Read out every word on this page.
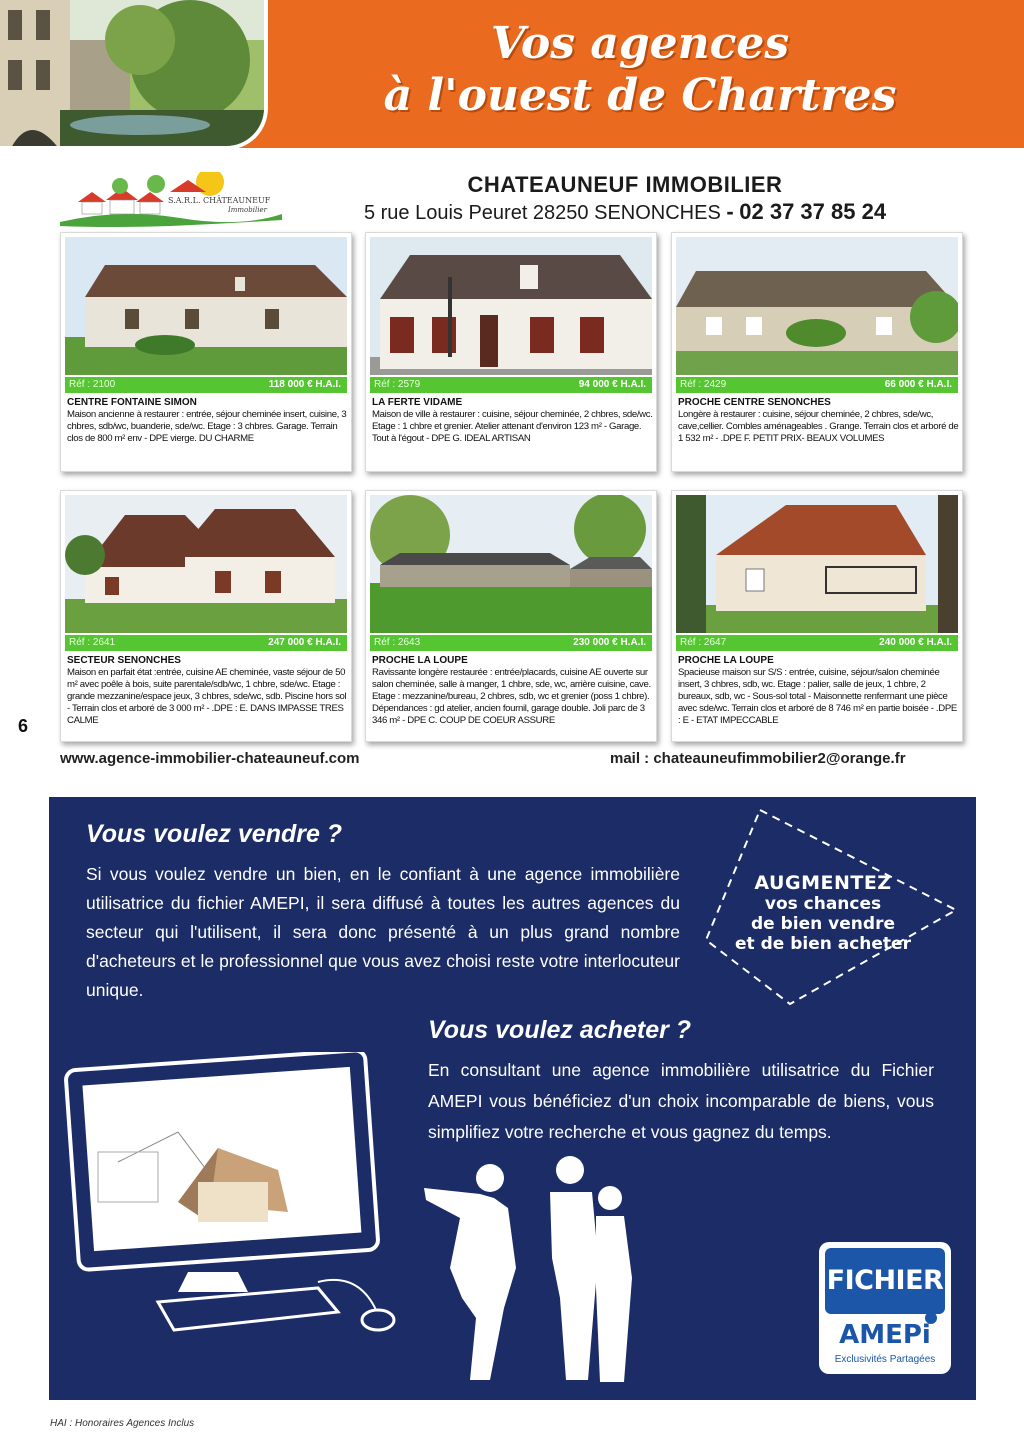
Vos agences
à l'ouest de Chartres
S.A.R.L. CHÂTEAUNEUF
Immobilier
CHATEAUNEUF IMMOBILIER
5 rue Louis Peuret 28250 SENONCHES - 02 37 37 85 24
Réf : 2100	118 000 € H.A.I.
CENTRE FONTAINE SIMON
Maison ancienne à restaurer : entrée, séjour cheminée insert, cuisine, 3 chbres, sdb/wc, buanderie, sde/wc. Etage : 3 chbres. Garage. Terrain clos de 800 m² env - DPE vierge. DU CHARME
Réf : 2579	94 000 € H.A.I.
LA FERTE VIDAME
Maison de ville à restaurer : cuisine, séjour cheminée, 2 chbres, sde/wc. Etage : 1 chbre et grenier. Atelier attenant d'environ 123 m² - Garage. Tout à l'égout - DPE G. IDEAL ARTISAN
Réf : 2429	66 000 € H.A.I.
PROCHE CENTRE SENONCHES
Longère à restaurer : cuisine, séjour cheminée, 2 chbres, sde/wc, cave,cellier. Combles aménageables . Grange. Terrain clos et arboré de 1 532 m² - .DPE F. PETIT PRIX- BEAUX VOLUMES
Réf : 2641	247 000 € H.A.I.
SECTEUR SENONCHES
Maison en parfait état :entrée, cuisine AE cheminée, vaste séjour de 50 m² avec poêle à bois, suite parentale/sdb/wc, 1 chbre, sde/wc. Etage : grande mezzanine/espace jeux, 3 chbres, sde/wc, sdb. Piscine hors sol - Terrain clos et arboré de 3 000 m² - .DPE : E. DANS IMPASSE TRES CALME
Réf : 2643	230 000 € H.A.I.
PROCHE LA LOUPE
Ravissante longère restaurée : entrée/placards, cuisine AE ouverte sur salon cheminée, salle à manger, 1 chbre, sde, wc, arrière cuisine, cave. Etage : mezzanine/bureau, 2 chbres, sdb, wc et grenier (poss 1 chbre). Dépendances : gd atelier, ancien fournil, garage double. Joli parc de 3 346 m² - DPE C. COUP DE COEUR ASSURE
Réf : 2647	240 000 € H.A.I.
PROCHE LA LOUPE
Spacieuse maison sur S/S : entrée, cuisine, séjour/salon cheminée insert, 3 chbres, sdb, wc. Etage : palier, salle de jeux, 1 chbre, 2 bureaux, sdb, wc - Sous-sol total - Maisonnette renfermant une pièce avec sde/wc. Terrain clos et arboré de 8 746 m² en partie boisée - .DPE : E - ETAT IMPECCABLE
6
www.agence-immobilier-chateauneuf.com	mail : chateauneufimmobilier2@orange.fr
Vous voulez vendre ?
Si vous voulez vendre un bien, en le confiant à une agence immobilière utilisatrice du fichier AMEPI, il sera diffusé à toutes les autres agences du secteur qui l'utilisent, il sera donc présenté à un plus grand nombre d'acheteurs et le professionnel que vous avez choisi reste votre interlocuteur unique.
Vous voulez acheter ?
En consultant une agence immobilière utilisatrice du Fichier AMEPI vous bénéficiez d'un choix incomparable de biens, vous simplifiez votre recherche et vous gagnez du temps.
AUGMENTEZ
vos chances
de bien vendre
et de bien acheter
FICHIER
AMEPi
Exclusivités Partagées
HAI : Honoraires Agences Inclus
